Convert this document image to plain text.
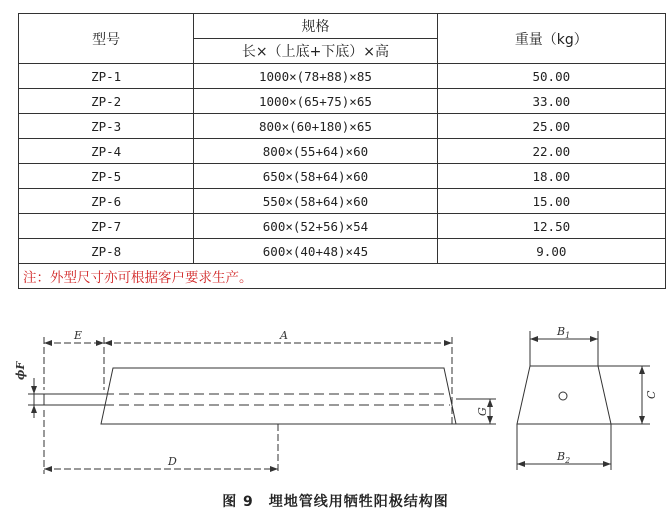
型号	规格	重量（kg）
	长×（上底+下底）×高	
ZP-1	1000×(78+88)×85	50.00
ZP-2	1000×(65+75)×65	33.00
ZP-3	800×(60+180)×65	25.00
ZP-4	800×(55+64)×60	22.00
ZP-5	650×(58+64)×60	18.00
ZP-6	550×(58+64)×60	15.00
ZP-7	600×(52+56)×54	12.50
ZP-8	600×(40+48)×45	9.00
注：外型尺寸亦可根据客户要求生产。		
E	A
ϕF
G
D
$B_1$
C
$B_2$
图 9　埋地管线用牺牲阳极结构图
